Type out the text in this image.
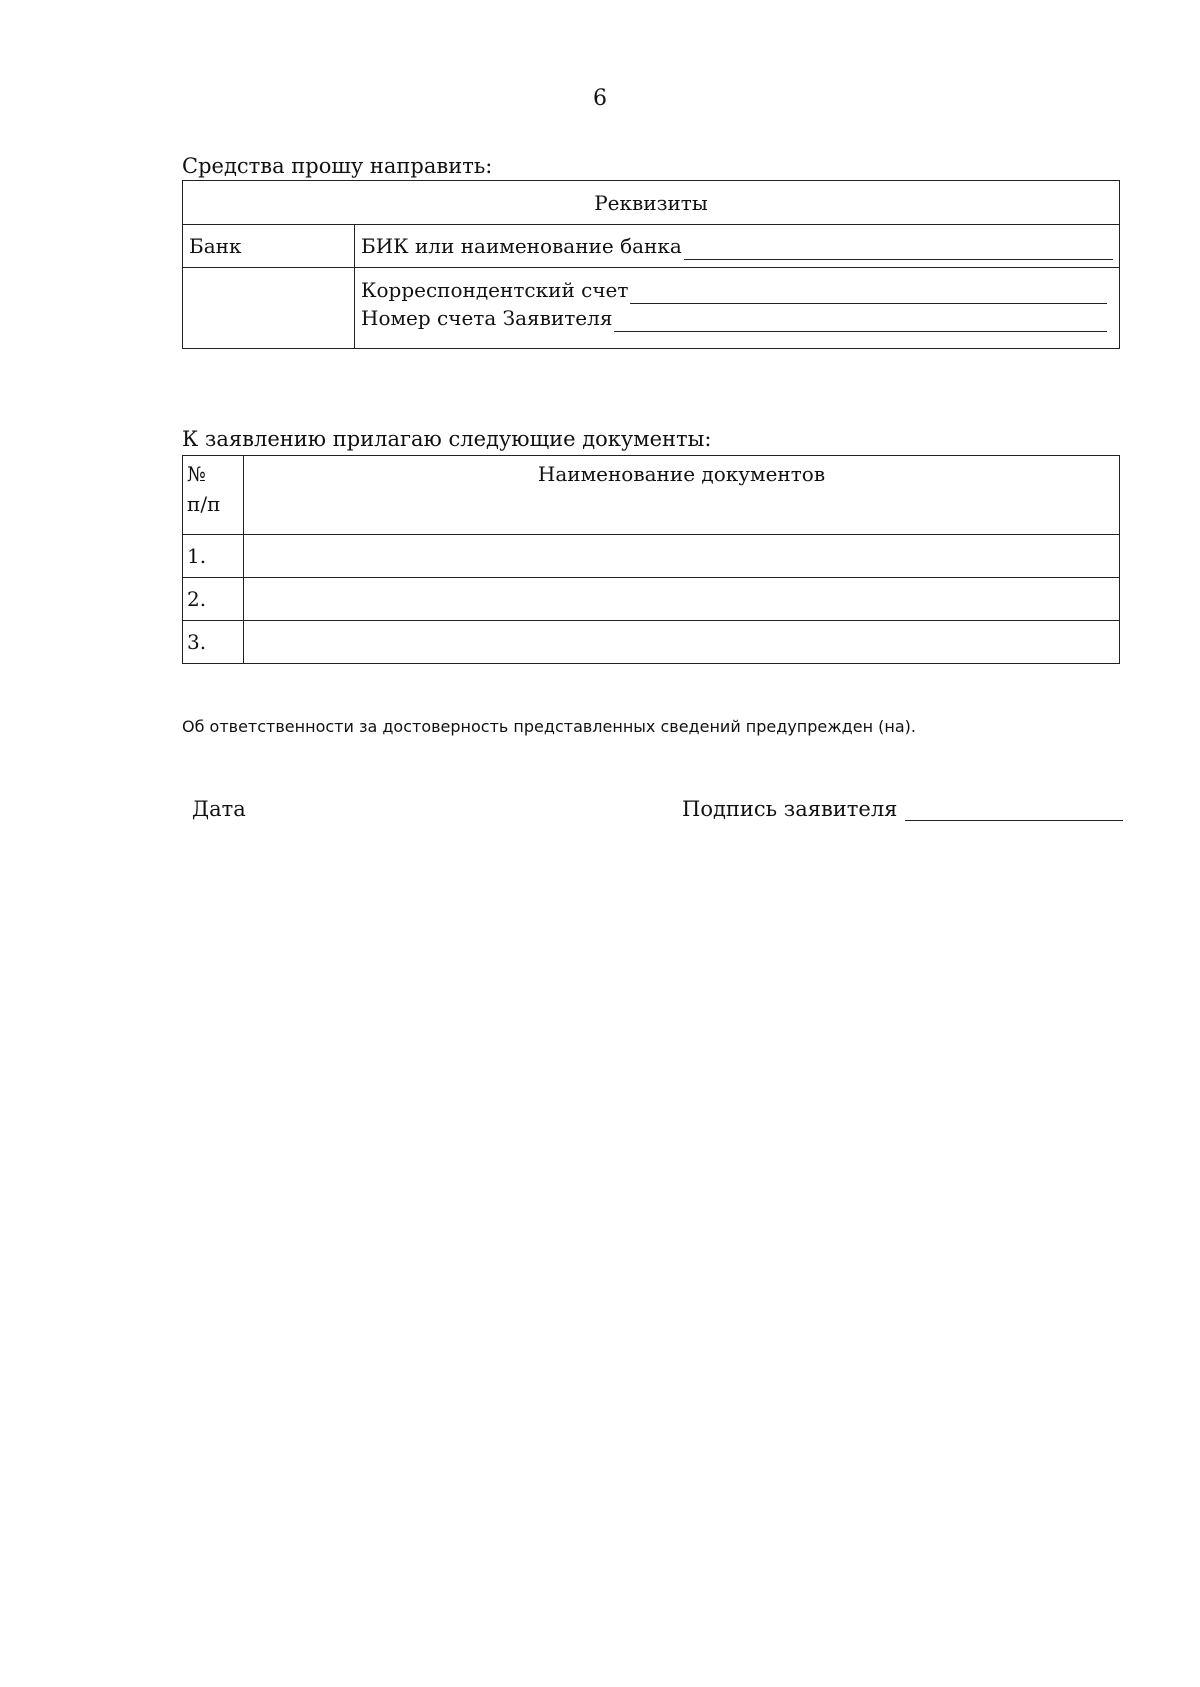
6
Средства прошу направить:
Реквизиты	
Банк	БИК или наименование банка

	Корреспондентский счет
Номер счета Заявителя
К заявлению прилагаю следующие документы:
№
п/п	Наименование документов
1.	
2.	
3.	
Об ответственности за достоверность представленных сведений предупрежден (на).
Дата	Подпись заявителя
